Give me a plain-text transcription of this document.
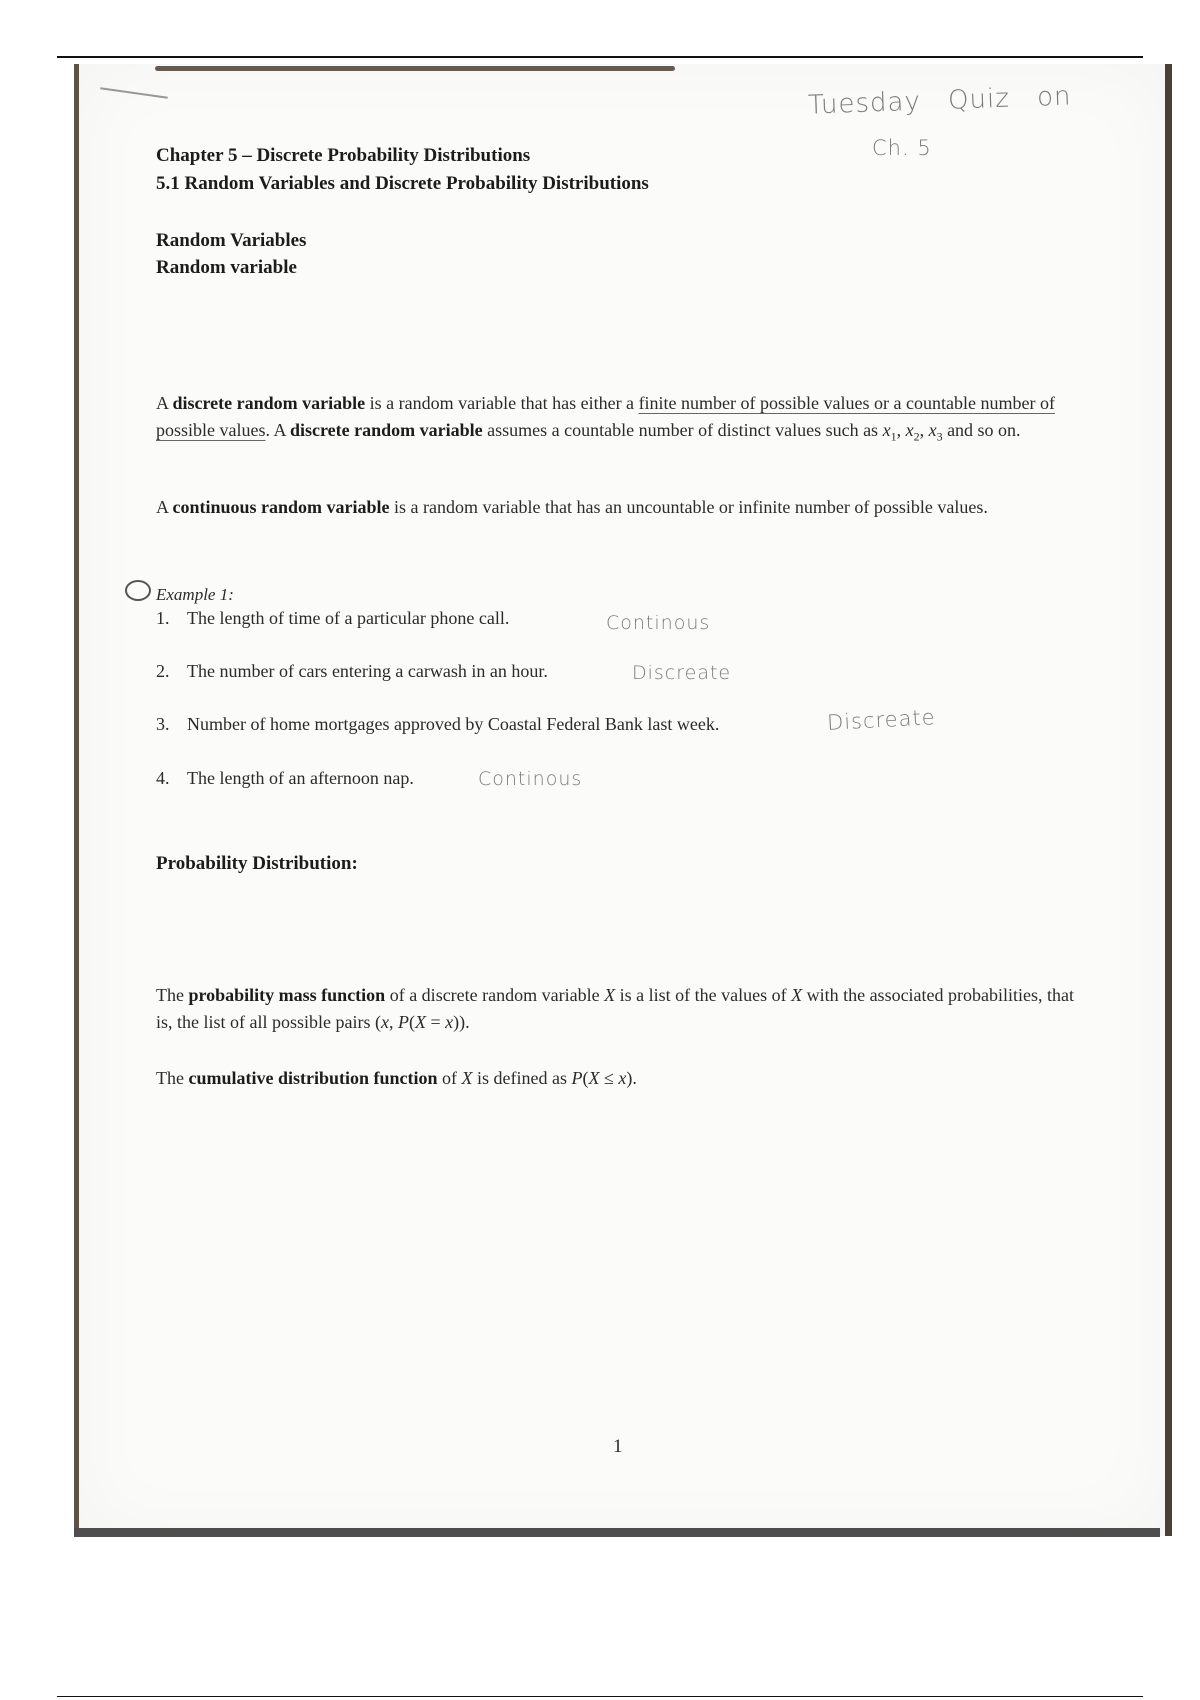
Tuesday Quiz on
Ch. 5
Chapter 5 – Discrete Probability Distributions
5.1 Random Variables and Discrete Probability Distributions
Random Variables
Random variable
A discrete random variable is a random variable that has either a finite number of possible values or a countable number of possible values. A discrete random variable assumes a countable number of distinct values such as $x_1$, $x_2$, $x_3$ and so on.
A continuous random variable is a random variable that has an uncountable or infinite number of possible values.
Example 1:
1. The length of time of a particular phone call.	Continous
2. The number of cars entering a carwash in an hour.	Discreate
3. Number of home mortgages approved by Coastal Federal Bank last week.	Discreate
4. The length of an afternoon nap.	Continous
Probability Distribution:
The probability mass function of a discrete random variable X is a list of the values of X with the associated probabilities, that is, the list of all possible pairs (x, P(X = x)).
The cumulative distribution function of X is defined as P(X ≤ x).
1
